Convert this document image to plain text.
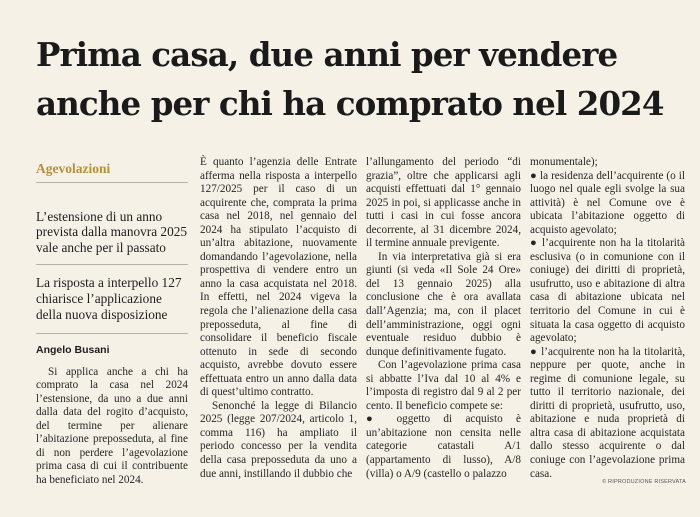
Prima casa, due anni per vendere
anche per chi ha comprato nel 2024
Agevolazioni
L’estensione di un anno prevista dalla manovra 2025 vale anche per il passato
La risposta a interpello 127 chiarisce l’applicazione della nuova disposizione
Angelo Busani

Si applica anche a chi ha comprato la casa nel 2024 l’estensione, da uno a due anni dalla data del rogito d’acquisto, del termine per alienare l’abitazione preposseduta, al fine di non perdere l’agevolazione prima casa di cui il contribuente ha beneficiato nel 2024.

È quanto l’agenzia delle Entrate afferma nella risposta a interpello 127/2025 per il caso di un acquirente che, comprata la prima casa nel 2018, nel gennaio del 2024 ha stipulato l’acquisto di un’altra abitazione, nuovamente domandando l’agevolazione, nella prospettiva di vendere entro un anno la casa acquistata nel 2018. In effetti, nel 2024 vigeva la regola che l’alienazione della casa preposseduta, al fine di consolidare il beneficio fiscale ottenuto in sede di secondo acquisto, avrebbe dovuto essere effettuata entro un anno dalla data di quest’ultimo contratto.

Senonché la legge di Bilancio 2025 (legge 207/2024, articolo 1, comma 116) ha ampliato il periodo concesso per la vendita della casa preposseduta da uno a due anni, instillando il dubbio che

l’allungamento del periodo “di grazia”, oltre che applicarsi agli acquisti effettuati dal 1° gennaio 2025 in poi, si applicasse anche in tutti i casi in cui fosse ancora decorrente, al 31 dicembre 2024, il termine annuale previgente.

In via interpretativa già si era giunti (si veda «Il Sole 24 Ore» del 13 gennaio 2025) alla conclusione che è ora avallata dall’Agenzia; ma, con il placet dell’amministrazione, oggi ogni eventuale residuo dubbio è dunque definitivamente fugato.

Con l’agevolazione prima casa si abbatte l’Iva dal 10 al 4% e l’imposta di registro dal 9 al 2 per cento. Il beneficio compete se:

● oggetto di acquisto è un’abitazione non censita nelle categorie catastali A/1 (appartamento di lusso), A/8 (villa) o A/9 (castello o palazzo

monumentale);

● la residenza dell’acquirente (o il luogo nel quale egli svolge la sua attività) è nel Comune ove è ubicata l’abitazione oggetto di acquisto agevolato;

● l’acquirente non ha la titolarità esclusiva (o in comunione con il coniuge) dei diritti di proprietà, usufrutto, uso e abitazione di altra casa di abitazione ubicata nel territorio del Comune in cui è situata la casa oggetto di acquisto agevolato;

● l’acquirente non ha la titolarità, neppure per quote, anche in regime di comunione legale, su tutto il territorio nazionale, dei diritti di proprietà, usufrutto, uso, abitazione e nuda proprietà di altra casa di abitazione acquistata dallo stesso acquirente o dal coniuge con l’agevolazione prima casa.

© RIPRODUZIONE RISERVATA
